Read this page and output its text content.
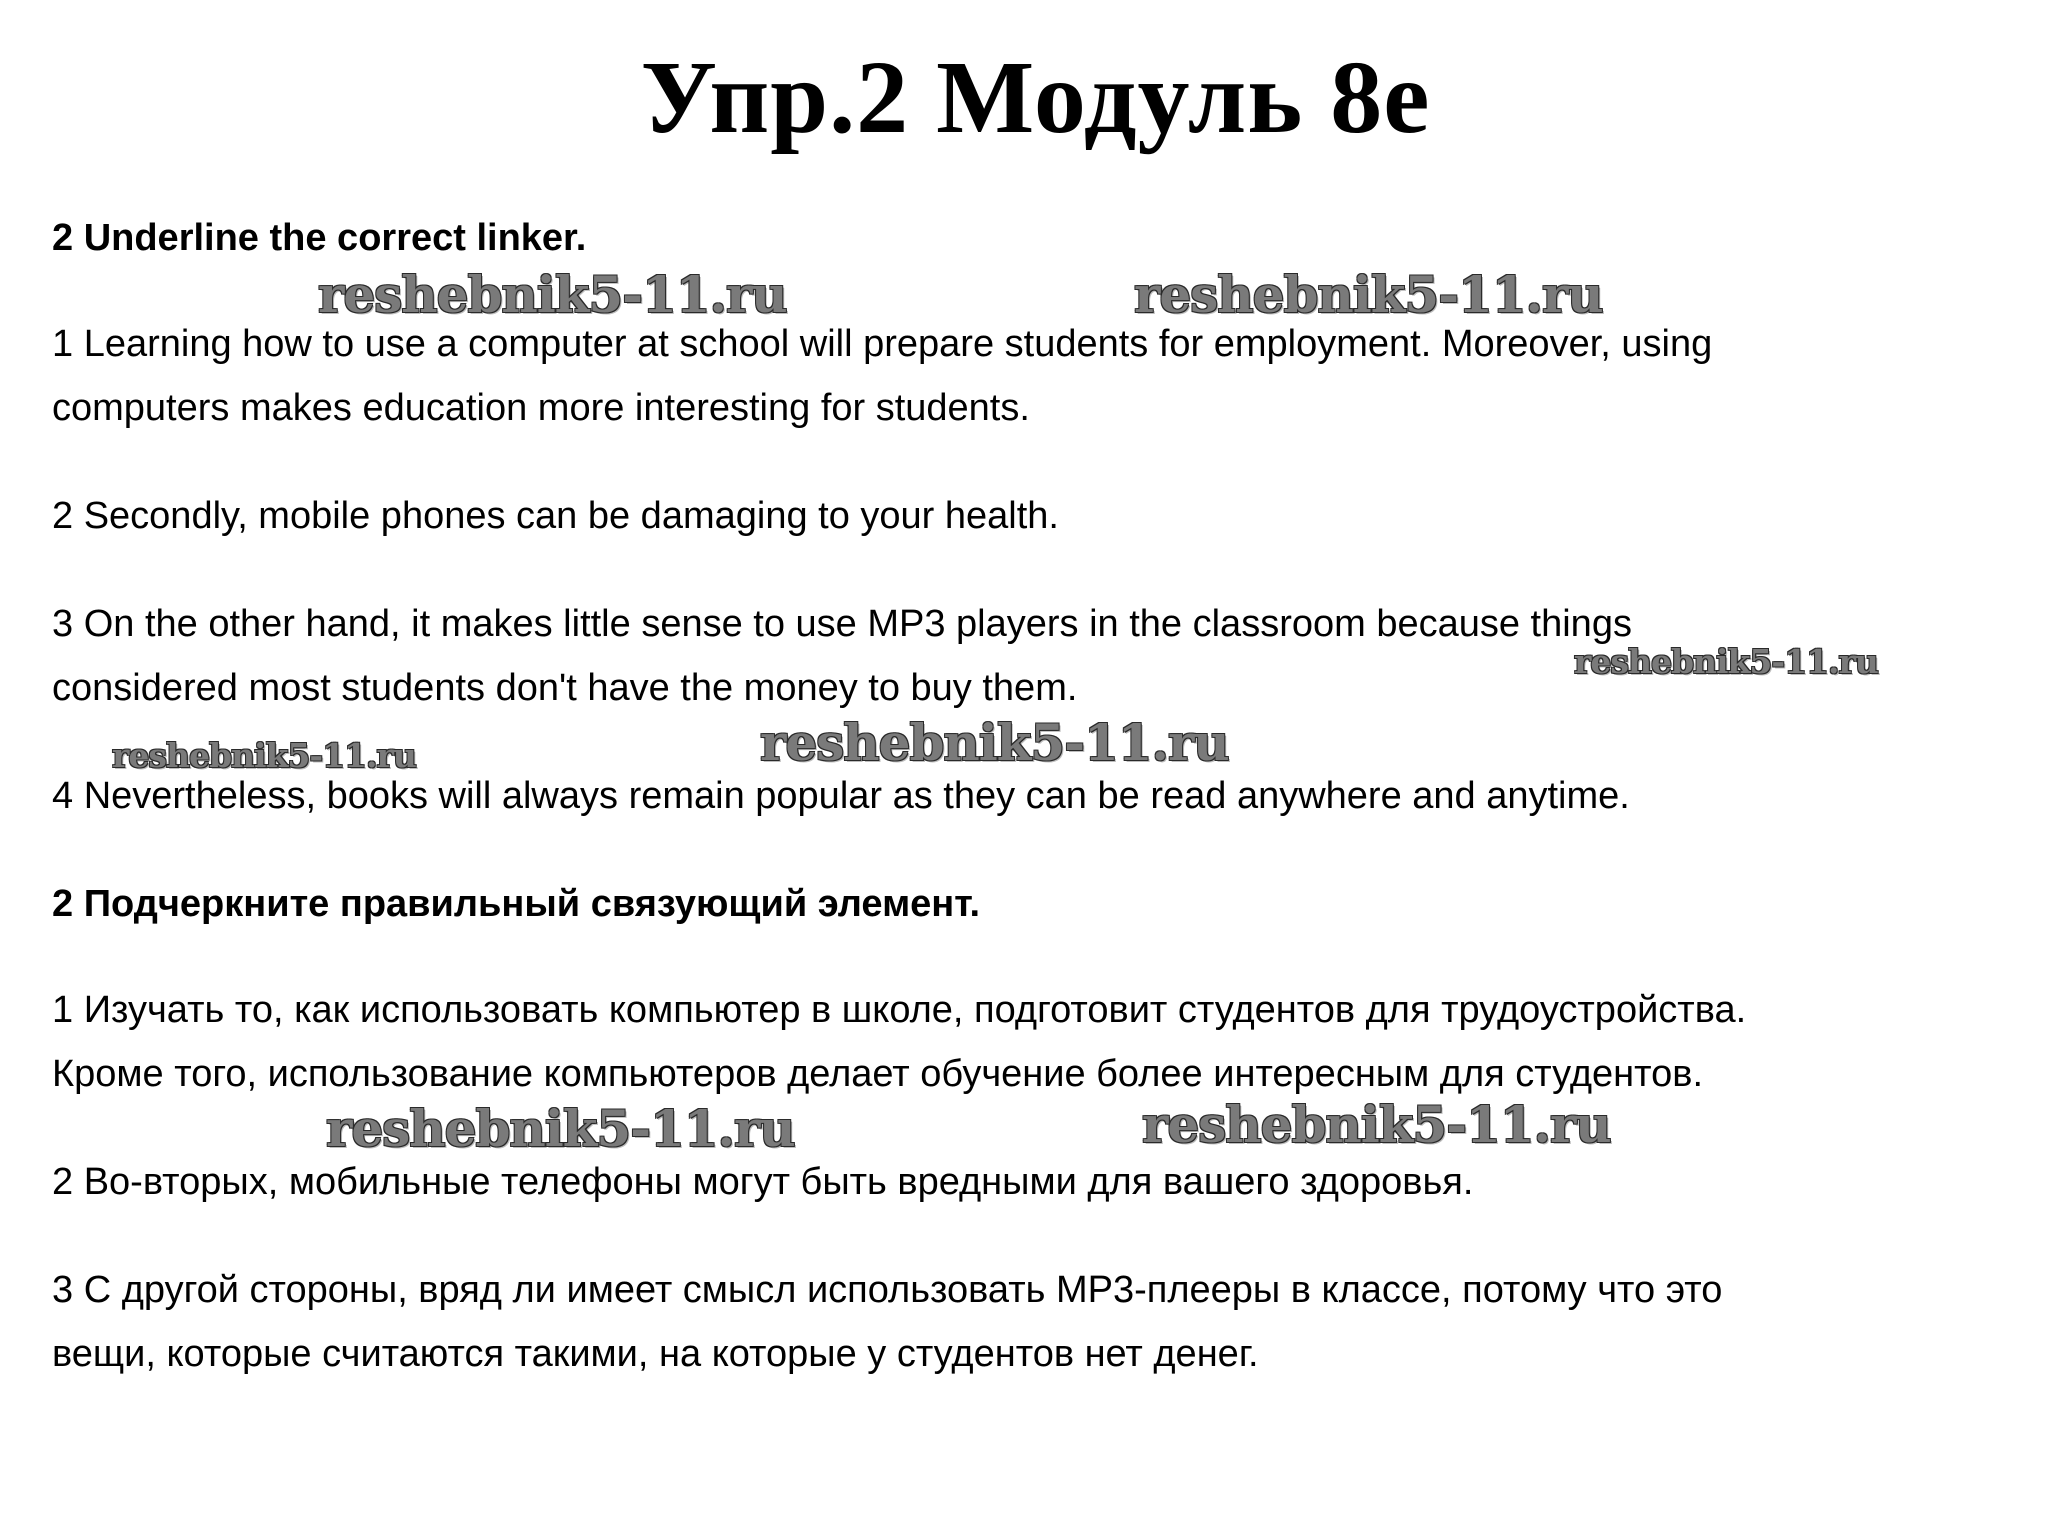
Упр.2 Модуль 8е

2 Underline the correct linker.

1 Learning how to use a computer at school will prepare students for employment. Moreover, using

computers makes education more interesting for students.

2 Secondly, mobile phones can be damaging to your health.

3 On the other hand, it makes little sense to use MP3 players in the classroom because things

considered most students don't have the money to buy them.

4 Nevertheless, books will always remain popular as they can be read anywhere and anytime.

2 Подчеркните правильный связующий элемент.

1 Изучать то, как использовать компьютер в школе, подготовит студентов для трудоустройства.

Кроме того, использование компьютеров делает обучение более интересным для студентов.

2 Во-вторых, мобильные телефоны могут быть вредными для вашего здоровья.

3 С другой стороны, вряд ли имеет смысл использовать MP3-плееры в классе, потому что это

вещи, которые считаются такими, на которые у студентов нет денег.

reshebnik5-11.ru	reshebnik5-11.ru
reshebnik5-11.ru
reshebnik5-11.ru	reshebnik5-11.ru
reshebnik5-11.ru	reshebnik5-11.ru
